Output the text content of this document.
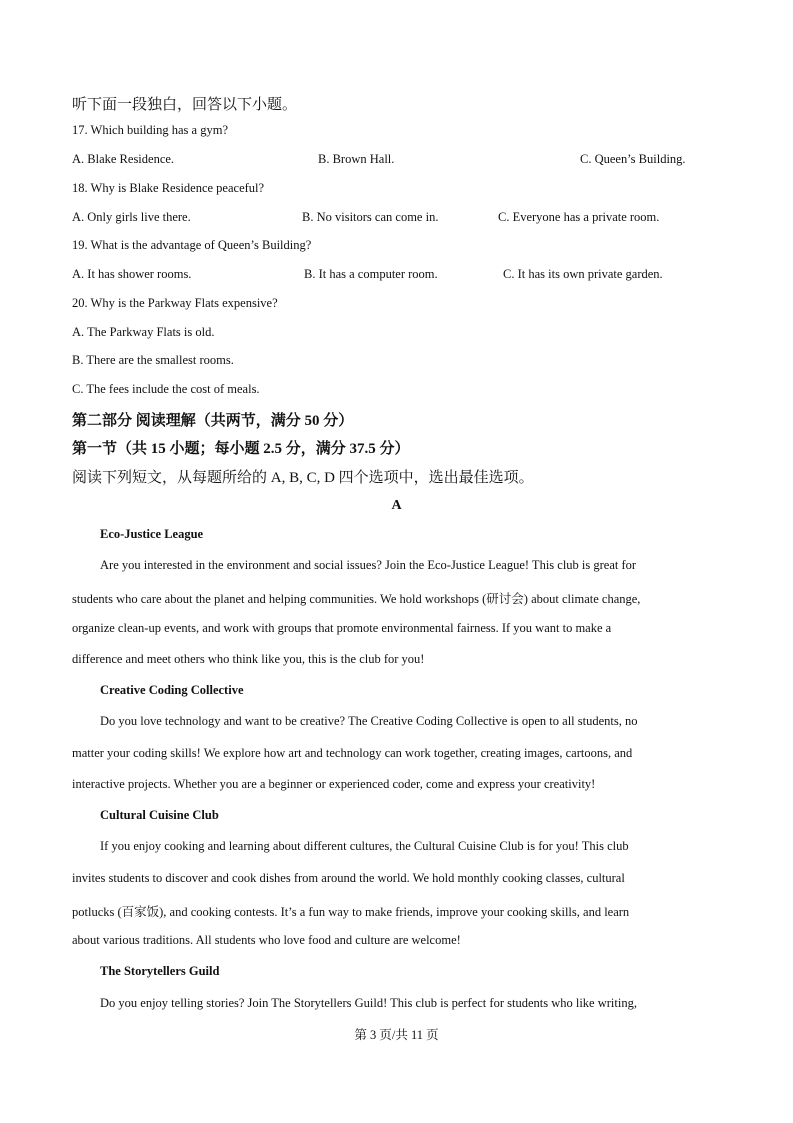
听下面一段独白，回答以下小题。
17. Which building has a gym?
A. Blake Residence.	B. Brown Hall.	C. Queen’s Building.
18. Why is Blake Residence peaceful?
A. Only girls live there.	B. No visitors can come in.	C. Everyone has a private room.
19. What is the advantage of Queen’s Building?
A. It has shower rooms.	B. It has a computer room.	C. It has its own private garden.
20. Why is the Parkway Flats expensive?
A. The Parkway Flats is old.
B. There are the smallest rooms.
C. The fees include the cost of meals.
第二部分 阅读理解（共两节，满分 50 分）
第一节（共 15 小题；每小题 2.5 分，满分 37.5 分）
阅读下列短文，从每题所给的 A, B, C, D 四个选项中，选出最佳选项。
A
Eco-Justice League
Are you interested in the environment and social issues? Join the Eco-Justice League! This club is great for
students who care about the planet and helping communities. We hold workshops (研讨会) about climate change,
organize clean-up events, and work with groups that promote environmental fairness. If you want to make a
difference and meet others who think like you, this is the club for you!
Creative Coding Collective
Do you love technology and want to be creative? The Creative Coding Collective is open to all students, no
matter your coding skills! We explore how art and technology can work together, creating images, cartoons, and
interactive projects. Whether you are a beginner or experienced coder, come and express your creativity!
Cultural Cuisine Club
If you enjoy cooking and learning about different cultures, the Cultural Cuisine Club is for you! This club
invites students to discover and cook dishes from around the world. We hold monthly cooking classes, cultural
potlucks (百家饭), and cooking contests. It’s a fun way to make friends, improve your cooking skills, and learn
about various traditions. All students who love food and culture are welcome!
The Storytellers Guild
Do you enjoy telling stories? Join The Storytellers Guild! This club is perfect for students who like writing,
第 3 页/共 11 页
